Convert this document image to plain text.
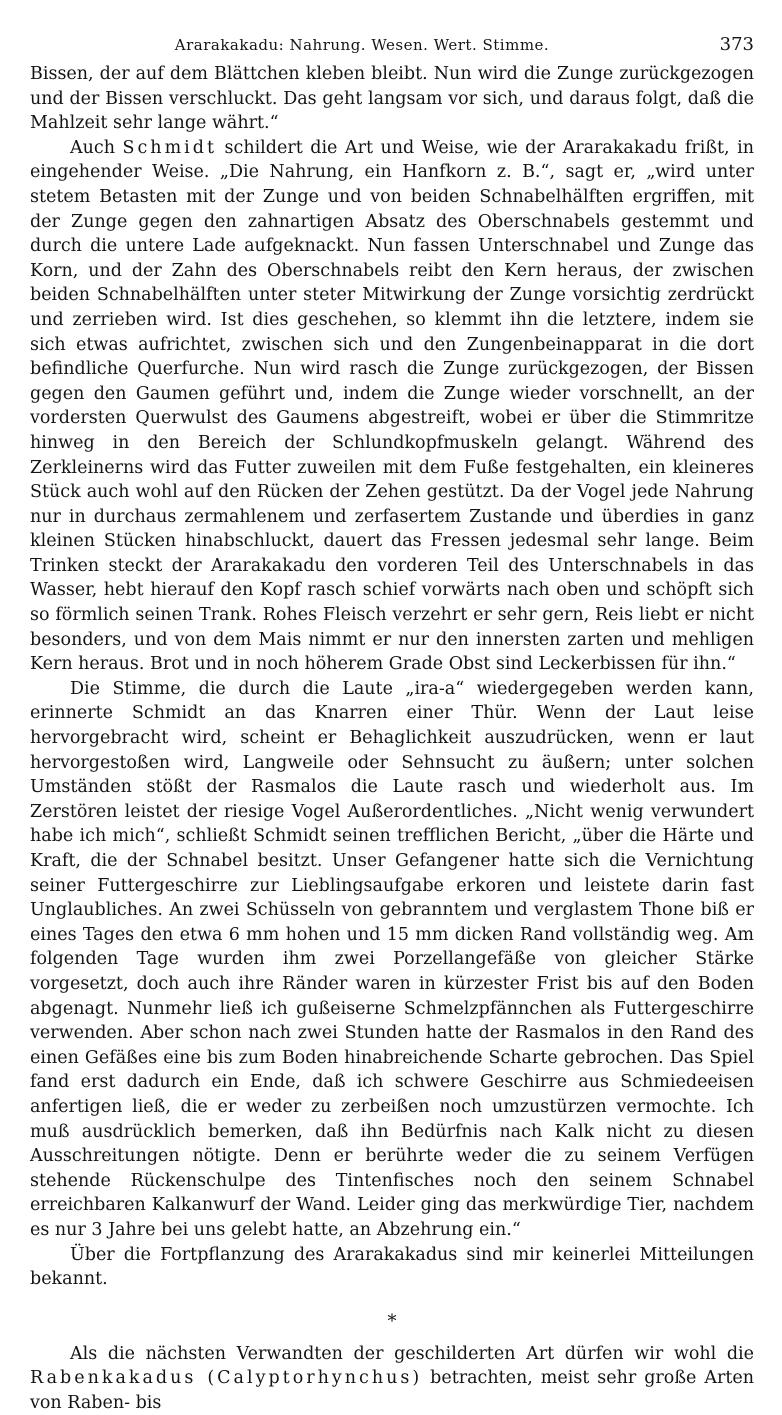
Ararakakadu: Nahrung. Wesen. Wert. Stimme.	373

Bissen, der auf dem Blättchen kleben bleibt. Nun wird die Zunge zurückgezogen und der Bissen verschluckt. Das geht langsam vor sich, und daraus folgt, daß die Mahlzeit sehr lange währt.“

Auch Schmidt schildert die Art und Weise, wie der Ararakakadu frißt, in eingehender Weise. „Die Nahrung, ein Hanfkorn z. B.“, sagt er, „wird unter stetem Betasten mit der Zunge und von beiden Schnabelhälften ergriffen, mit der Zunge gegen den zahnartigen Absatz des Oberschnabels gestemmt und durch die untere Lade aufgeknackt. Nun fassen Unterschnabel und Zunge das Korn, und der Zahn des Oberschnabels reibt den Kern heraus, der zwischen beiden Schnabelhälften unter steter Mitwirkung der Zunge vorsichtig zerdrückt und zerrieben wird. Ist dies geschehen, so klemmt ihn die letztere, indem sie sich etwas aufrichtet, zwischen sich und den Zungenbeinapparat in die dort befindliche Querfurche. Nun wird rasch die Zunge zurückgezogen, der Bissen gegen den Gaumen geführt und, indem die Zunge wieder vorschnellt, an der vordersten Querwulst des Gaumens abgestreift, wobei er über die Stimmritze hinweg in den Bereich der Schlundkopfmuskeln gelangt. Während des Zerkleinerns wird das Futter zuweilen mit dem Fuße festgehalten, ein kleineres Stück auch wohl auf den Rücken der Zehen gestützt. Da der Vogel jede Nahrung nur in durchaus zermahlenem und zerfasertem Zustande und überdies in ganz kleinen Stücken hinabschluckt, dauert das Fressen jedesmal sehr lange. Beim Trinken steckt der Ararakakadu den vorderen Teil des Unterschnabels in das Wasser, hebt hierauf den Kopf rasch schief vorwärts nach oben und schöpft sich so förmlich seinen Trank. Rohes Fleisch verzehrt er sehr gern, Reis liebt er nicht besonders, und von dem Mais nimmt er nur den innersten zarten und mehligen Kern heraus. Brot und in noch höherem Grade Obst sind Leckerbissen für ihn.“

Die Stimme, die durch die Laute „ira-a“ wiedergegeben werden kann, erinnerte Schmidt an das Knarren einer Thür. Wenn der Laut leise hervorgebracht wird, scheint er Behaglichkeit auszudrücken, wenn er laut hervorgestoßen wird, Langweile oder Sehnsucht zu äußern; unter solchen Umständen stößt der Rasmalos die Laute rasch und wiederholt aus. Im Zerstören leistet der riesige Vogel Außerordentliches. „Nicht wenig verwundert habe ich mich“, schließt Schmidt seinen trefflichen Bericht, „über die Härte und Kraft, die der Schnabel besitzt. Unser Gefangener hatte sich die Vernichtung seiner Futtergeschirre zur Lieblingsaufgabe erkoren und leistete darin fast Unglaubliches. An zwei Schüsseln von gebranntem und verglastem Thone biß er eines Tages den etwa 6 mm hohen und 15 mm dicken Rand vollständig weg. Am folgenden Tage wurden ihm zwei Porzellangefäße von gleicher Stärke vorgesetzt, doch auch ihre Ränder waren in kürzester Frist bis auf den Boden abgenagt. Nunmehr ließ ich gußeiserne Schmelzpfännchen als Futtergeschirre verwenden. Aber schon nach zwei Stunden hatte der Rasmalos in den Rand des einen Gefäßes eine bis zum Boden hinabreichende Scharte gebrochen. Das Spiel fand erst dadurch ein Ende, daß ich schwere Geschirre aus Schmiedeeisen anfertigen ließ, die er weder zu zerbeißen noch umzustürzen vermochte. Ich muß ausdrücklich bemerken, daß ihn Bedürfnis nach Kalk nicht zu diesen Ausschreitungen nötigte. Denn er berührte weder die zu seinem Verfügen stehende Rückenschulpe des Tintenfisches noch den seinem Schnabel erreichbaren Kalkanwurf der Wand. Leider ging das merkwürdige Tier, nachdem es nur 3 Jahre bei uns gelebt hatte, an Abzehrung ein.“

Über die Fortpflanzung des Ararakakadus sind mir keinerlei Mitteilungen bekannt.

*

Als die nächsten Verwandten der geschilderten Art dürfen wir wohl die Rabenkakadus (Calyptorhynchus) betrachten, meist sehr große Arten von Raben- bis
